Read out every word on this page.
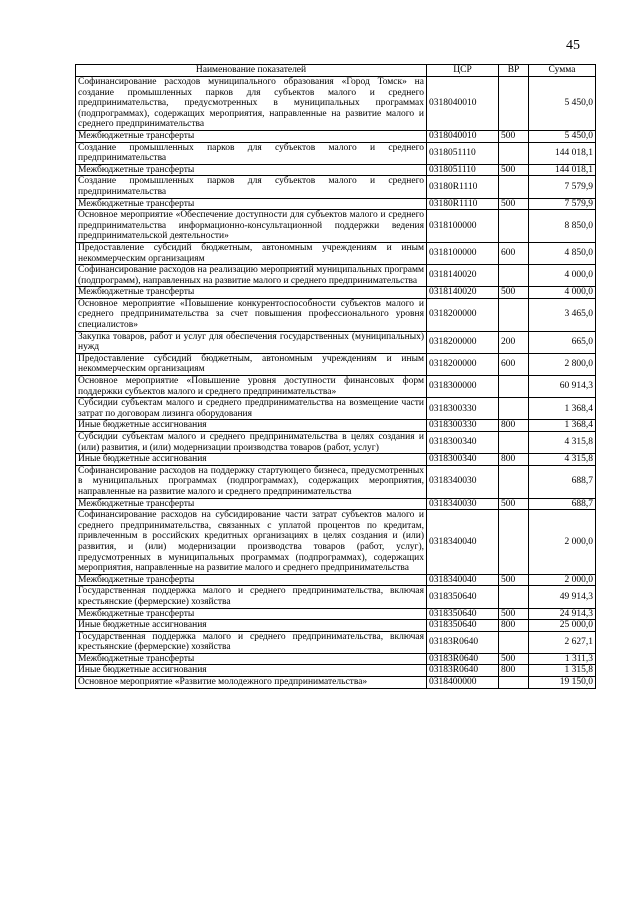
45
Наименование показателей	ЦСР	ВР	Сумма
Софинансирование расходов муниципального образования «Город Томск» на создание промышленных парков для субъектов малого и среднего предпринимательства, предусмотренных в муниципальных программах (подпрограммах), содержащих мероприятия, направленные на развитие малого и среднего предпринимательства	0318040010		5 450,0
Межбюджетные трансферты	0318040010	500	5 450,0
Создание промышленных парков для субъектов малого и среднего предпринимательства	0318051110		144 018,1
Межбюджетные трансферты	0318051110	500	144 018,1
Создание промышленных парков для субъектов малого и среднего предпринимательства	03180R1110		7 579,9
Межбюджетные трансферты	03180R1110	500	7 579,9
Основное мероприятие «Обеспечение доступности для субъектов малого и среднего предпринимательства информационно-консультационной поддержки ведения предпринимательской деятельности»	0318100000		8 850,0
Предоставление субсидий бюджетным, автономным учреждениям и иным некоммерческим организациям	0318100000	600	4 850,0
Софинансирование расходов на реализацию мероприятий муниципальных программ (подпрограмм), направленных на развитие малого и среднего предпринимательства	0318140020		4 000,0
Межбюджетные трансферты	0318140020	500	4 000,0
Основное мероприятие «Повышение конкурентоспособности субъектов малого и среднего предпринимательства за счет повышения профессионального уровня специалистов»	0318200000		3 465,0
Закупка товаров, работ и услуг для обеспечения государственных (муниципальных) нужд	0318200000	200	665,0
Предоставление субсидий бюджетным, автономным учреждениям и иным некоммерческим организациям	0318200000	600	2 800,0
Основное мероприятие «Повышение уровня доступности финансовых форм поддержки субъектов малого и среднего предпринимательства»	0318300000		60 914,3
Субсидии субъектам малого и среднего предпринимательства на возмещение части затрат по договорам лизинга оборудования	0318300330		1 368,4
Иные бюджетные ассигнования	0318300330	800	1 368,4
Субсидии субъектам малого и среднего предпринимательства в целях создания и (или) развития, и (или) модернизации производства товаров (работ, услуг)	0318300340		4 315,8
Иные бюджетные ассигнования	0318300340	800	4 315,8
Софинансирование расходов на поддержку стартующего бизнеса, предусмотренных в муниципальных программах (подпрограммах), содержащих мероприятия, направленные на развитие малого и среднего предпринимательства	0318340030		688,7
Межбюджетные трансферты	0318340030	500	688,7
Софинансирование расходов на субсидирование части затрат субъектов малого и среднего предпринимательства, связанных с уплатой процентов по кредитам, привлеченным в российских кредитных организациях в целях создания и (или) развития, и (или) модернизации производства товаров (работ, услуг), предусмотренных в муниципальных программах (подпрограммах), содержащих мероприятия, направленные на развитие малого и среднего предпринимательства	0318340040		2 000,0
Межбюджетные трансферты	0318340040	500	2 000,0
Государственная поддержка малого и среднего предпринимательства, включая крестьянские (фермерские) хозяйства	0318350640		49 914,3
Межбюджетные трансферты	0318350640	500	24 914,3
Иные бюджетные ассигнования	0318350640	800	25 000,0
Государственная поддержка малого и среднего предпринимательства, включая крестьянские (фермерские) хозяйства	03183R0640		2 627,1
Межбюджетные трансферты	03183R0640	500	1 311,3
Иные бюджетные ассигнования	03183R0640	800	1 315,8
Основное мероприятие «Развитие молодежного предпринимательства»	0318400000		19 150,0
